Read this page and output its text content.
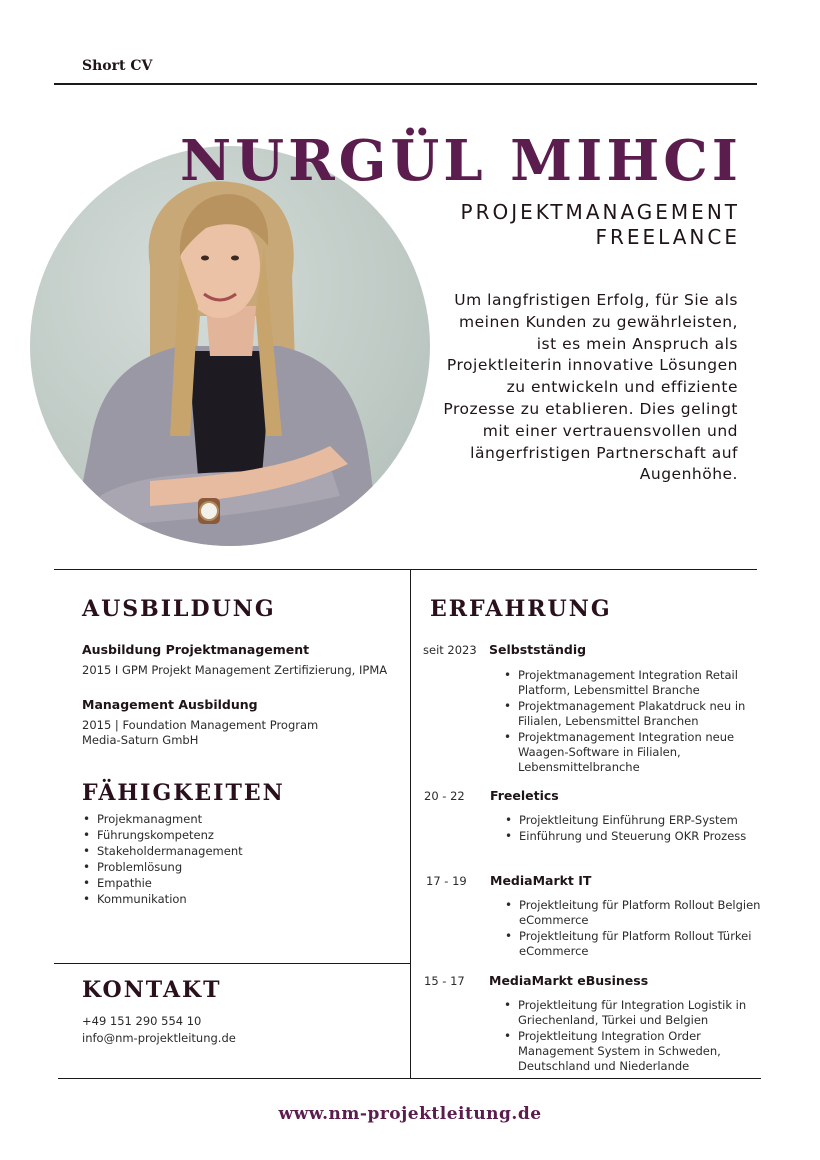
Short CV
NURGÜL MIHCI
PROJEKTMANAGEMENT
FREELANCE
Um langfristigen Erfolg, für Sie als meinen Kunden zu gewährleisten, ist es mein Anspruch als Projektleiterin innovative Lösungen zu entwickeln und effiziente Prozesse zu etablieren. Dies gelingt mit einer vertrauensvollen und längerfristigen Partnerschaft auf Augenhöhe.
AUSBILDUNG
Ausbildung Projektmanagement
2015 I GPM Projekt Management Zertifizierung, IPMA
Management Ausbildung
2015 | Foundation Management Program
Media-Saturn GmbH
FÄHIGKEITEN
• Projekmanagment
• Führungskompetenz
• Stakeholdermanagement
• Problemlösung
• Empathie
• Kommunikation
KONTAKT
+49 151 290 554 10
info@nm-projektleitung.de
ERFAHRUNG
seit 2023 Selbstständig
• Projektmanagement Integration Retail Platform, Lebensmittel Branche
• Projektmanagement Plakatdruck neu in Filialen, Lebensmittel Branchen
• Projektmanagement Integration neue Waagen-Software in Filialen, Lebensmittelbranche
20 - 22 Freeletics
• Projektleitung Einführung ERP-System
• Einführung und Steuerung OKR Prozess
17 - 19 MediaMarkt IT
• Projektleitung für Platform Rollout Belgien eCommerce
• Projektleitung für Platform Rollout Türkei eCommerce
15 - 17 MediaMarkt eBusiness
• Projektleitung für Integration Logistik in Griechenland, Türkei und Belgien
• Projektleitung Integration Order Management System in Schweden, Deutschland und Niederlande
www.nm-projektleitung.de
